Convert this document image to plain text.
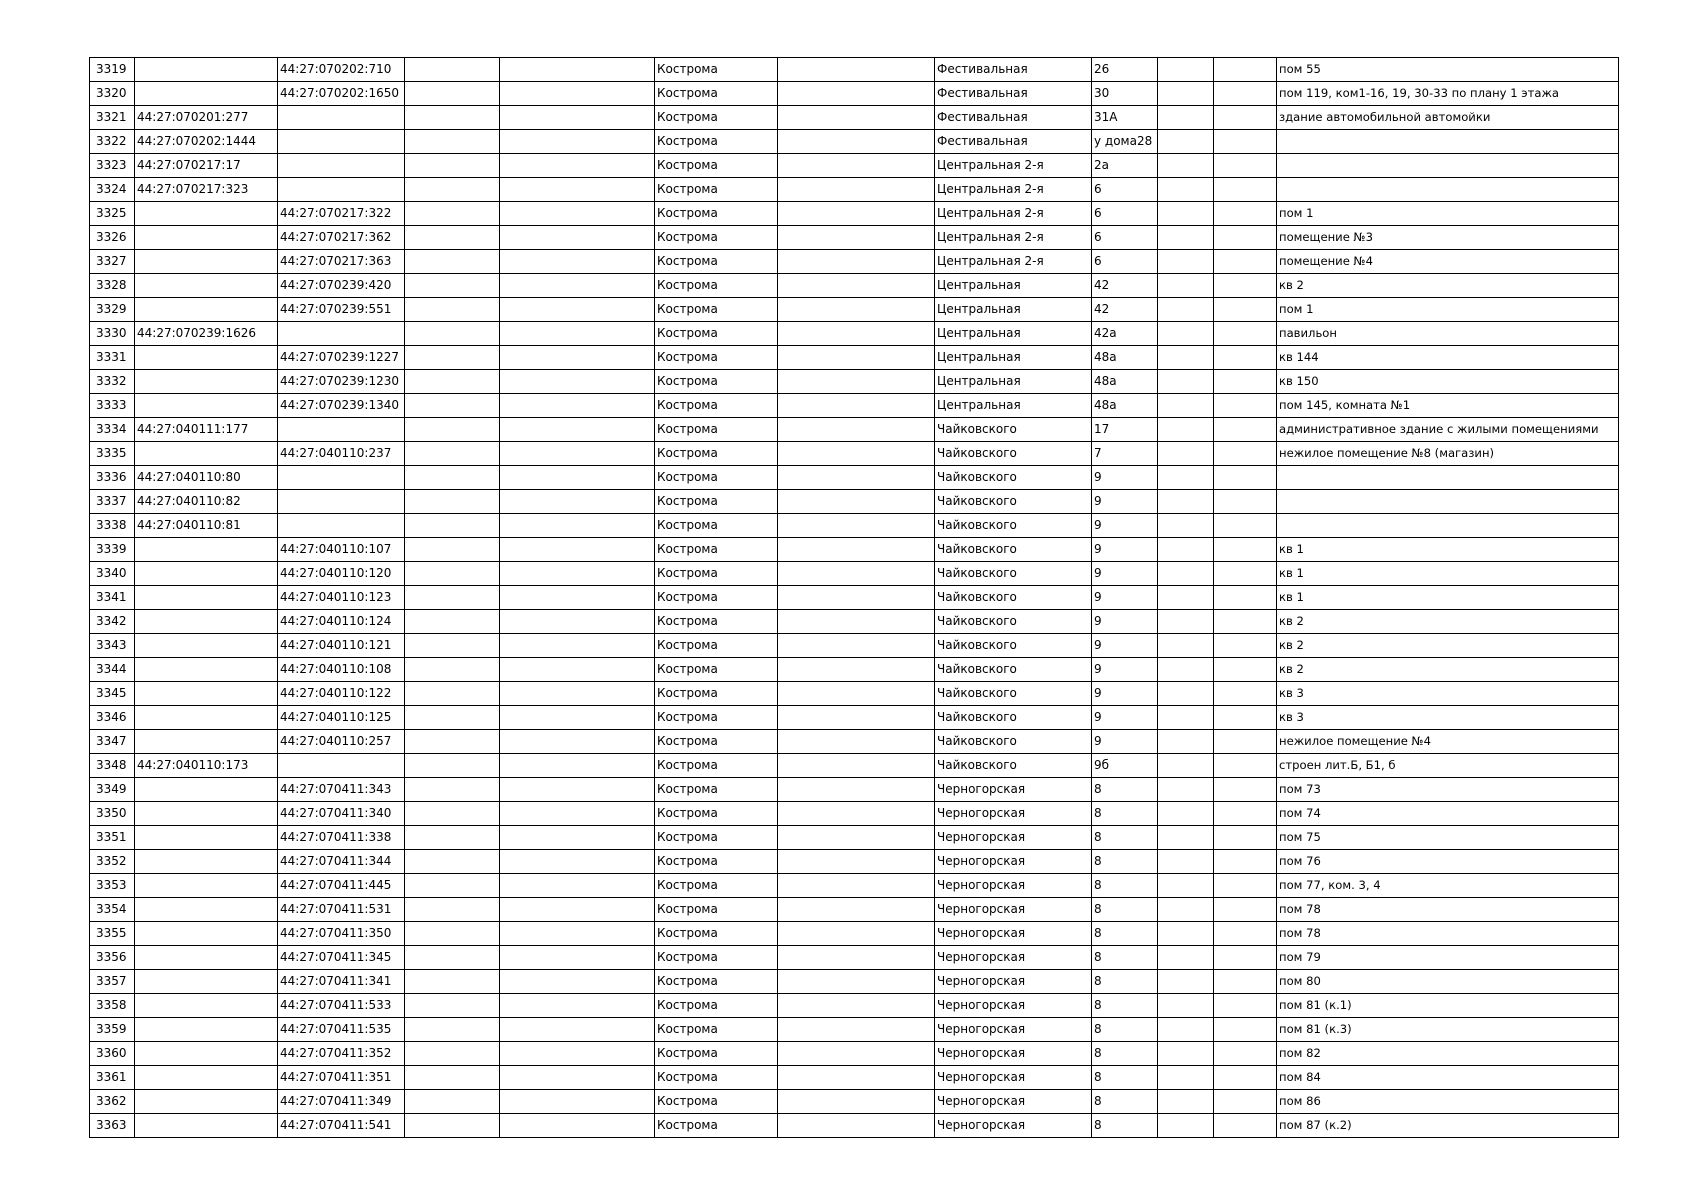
3319		44:27:070202:710			Кострома		Фестивальная	26			пом 55
3320		44:27:070202:1650			Кострома		Фестивальная	30			пом 119, ком1-16, 19, 30-33 по плану 1 этажа
3321	44:27:070201:277				Кострома		Фестивальная	31А			здание автомобильной автомойки
3322	44:27:070202:1444				Кострома		Фестивальная	у дома28			
3323	44:27:070217:17				Кострома		Центральная 2-я	2а			
3324	44:27:070217:323				Кострома		Центральная 2-я	6			
3325		44:27:070217:322			Кострома		Центральная 2-я	6			пом 1
3326		44:27:070217:362			Кострома		Центральная 2-я	6			помещение №3
3327		44:27:070217:363			Кострома		Центральная 2-я	6			помещение №4
3328		44:27:070239:420			Кострома		Центральная	42			кв 2
3329		44:27:070239:551			Кострома		Центральная	42			пом 1
3330	44:27:070239:1626				Кострома		Центральная	42а			павильон
3331		44:27:070239:1227			Кострома		Центральная	48а			кв 144
3332		44:27:070239:1230			Кострома		Центральная	48а			кв 150
3333		44:27:070239:1340			Кострома		Центральная	48а			пом 145, комната №1
3334	44:27:040111:177				Кострома		Чайковского	17			административное здание с жилыми помещениями
3335		44:27:040110:237			Кострома		Чайковского	7			нежилое помещение №8 (магазин)
3336	44:27:040110:80				Кострома		Чайковского	9			
3337	44:27:040110:82				Кострома		Чайковского	9			
3338	44:27:040110:81				Кострома		Чайковского	9			
3339		44:27:040110:107			Кострома		Чайковского	9			кв 1
3340		44:27:040110:120			Кострома		Чайковского	9			кв 1
3341		44:27:040110:123			Кострома		Чайковского	9			кв 1
3342		44:27:040110:124			Кострома		Чайковского	9			кв 2
3343		44:27:040110:121			Кострома		Чайковского	9			кв 2
3344		44:27:040110:108			Кострома		Чайковского	9			кв 2
3345		44:27:040110:122			Кострома		Чайковского	9			кв 3
3346		44:27:040110:125			Кострома		Чайковского	9			кв 3
3347		44:27:040110:257			Кострома		Чайковского	9			нежилое помещение №4
3348	44:27:040110:173				Кострома		Чайковского	9б			строен лит.Б, Б1, б
3349		44:27:070411:343			Кострома		Черногорская	8			пом 73
3350		44:27:070411:340			Кострома		Черногорская	8			пом 74
3351		44:27:070411:338			Кострома		Черногорская	8			пом 75
3352		44:27:070411:344			Кострома		Черногорская	8			пом 76
3353		44:27:070411:445			Кострома		Черногорская	8			пом 77, ком. 3, 4
3354		44:27:070411:531			Кострома		Черногорская	8			пом 78
3355		44:27:070411:350			Кострома		Черногорская	8			пом 78
3356		44:27:070411:345			Кострома		Черногорская	8			пом 79
3357		44:27:070411:341			Кострома		Черногорская	8			пом 80
3358		44:27:070411:533			Кострома		Черногорская	8			пом 81 (к.1)
3359		44:27:070411:535			Кострома		Черногорская	8			пом 81 (к.3)
3360		44:27:070411:352			Кострома		Черногорская	8			пом 82
3361		44:27:070411:351			Кострома		Черногорская	8			пом 84
3362		44:27:070411:349			Кострома		Черногорская	8			пом 86
3363		44:27:070411:541			Кострома		Черногорская	8			пом 87 (к.2)
